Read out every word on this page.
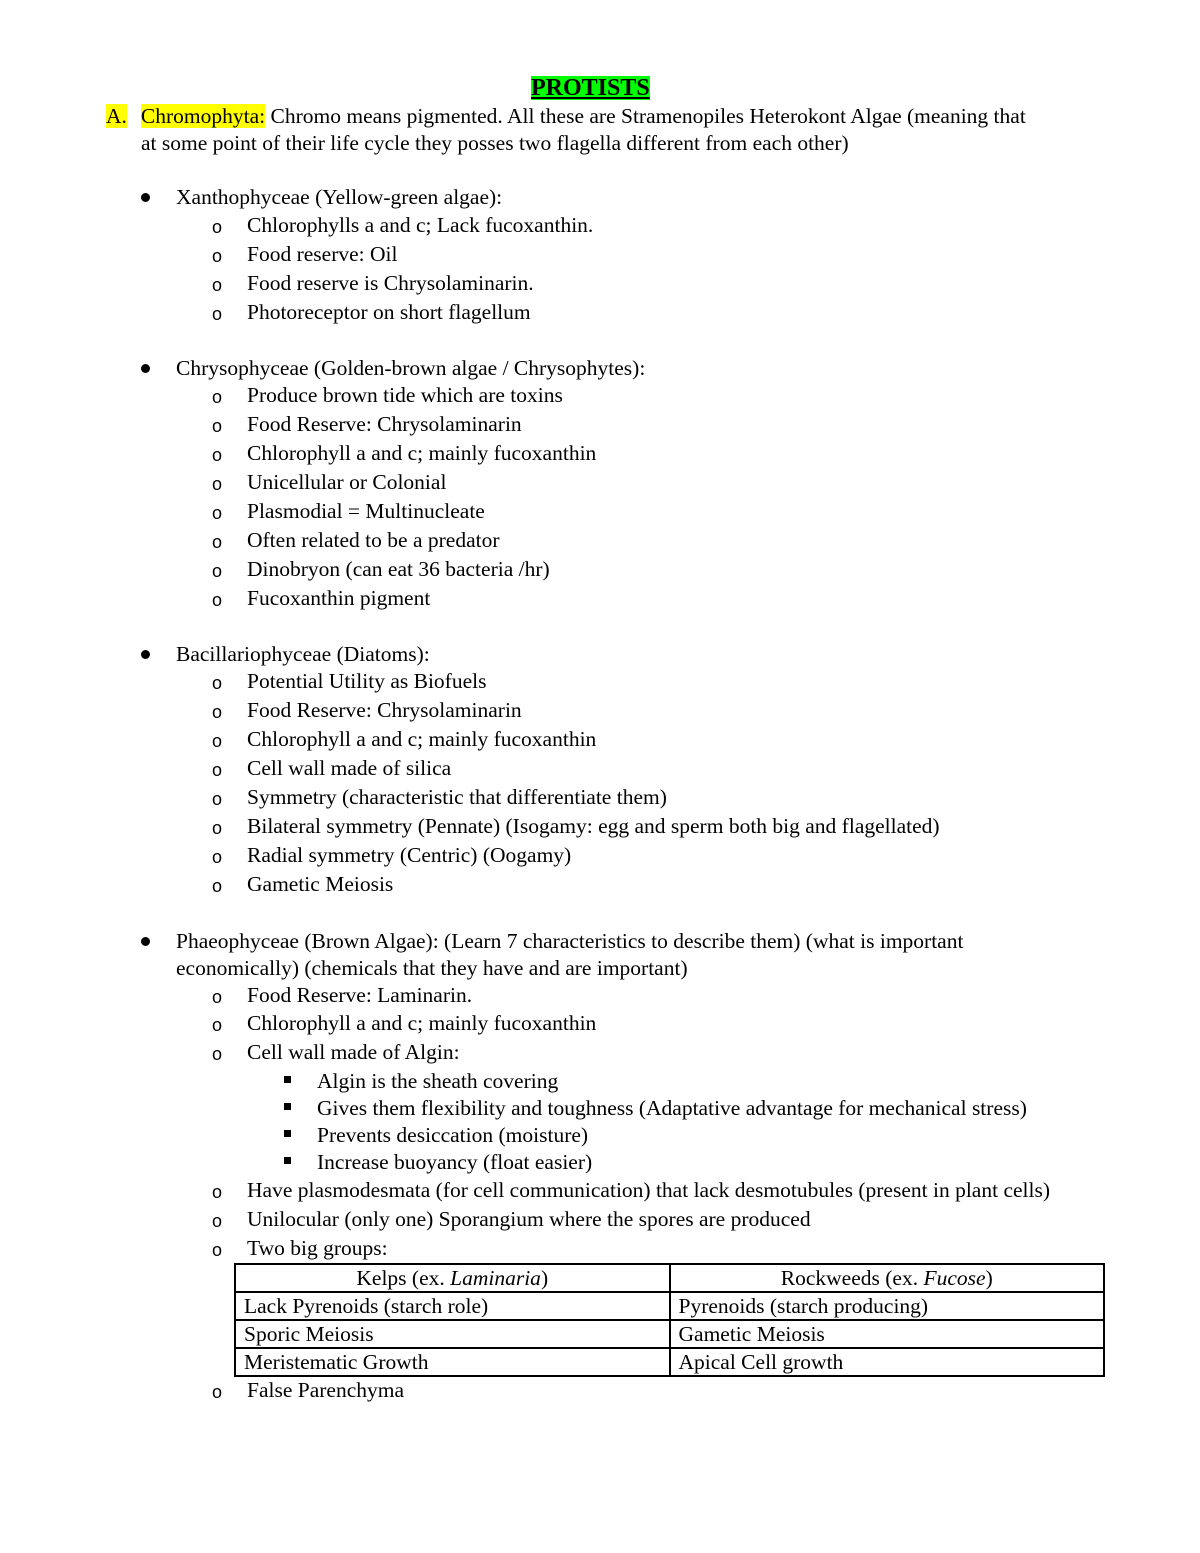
PROTISTS
A. Chromophyta: Chromo means pigmented. All these are Stramenopiles Heterokont Algae (meaning that
at some point of their life cycle they posses two flagella different from each other)
Xanthophyceae (Yellow-green algae):
o Chlorophylls a and c; Lack fucoxanthin.
o Food reserve: Oil
o Food reserve is Chrysolaminarin.
o Photoreceptor on short flagellum
Chrysophyceae (Golden-brown algae / Chrysophytes):
o Produce brown tide which are toxins
o Food Reserve: Chrysolaminarin
o Chlorophyll a and c; mainly fucoxanthin
o Unicellular or Colonial
o Plasmodial = Multinucleate
o Often related to be a predator
o Dinobryon (can eat 36 bacteria /hr)
o Fucoxanthin pigment
Bacillariophyceae (Diatoms):
o Potential Utility as Biofuels
o Food Reserve: Chrysolaminarin
o Chlorophyll a and c; mainly fucoxanthin
o Cell wall made of silica
o Symmetry (characteristic that differentiate them)
o Bilateral symmetry (Pennate) (Isogamy: egg and sperm both big and flagellated)
o Radial symmetry (Centric) (Oogamy)
o Gametic Meiosis
Phaeophyceae (Brown Algae): (Learn 7 characteristics to describe them) (what is important
economically) (chemicals that they have and are important)
o Food Reserve: Laminarin.
o Chlorophyll a and c; mainly fucoxanthin
o Cell wall made of Algin:
Algin is the sheath covering
Gives them flexibility and toughness (Adaptative advantage for mechanical stress)
Prevents desiccation (moisture)
Increase buoyancy (float easier)
o Have plasmodesmata (for cell communication) that lack desmotubules (present in plant cells)
o Unilocular (only one) Sporangium where the spores are produced
o Two big groups:
Kelps (ex. Laminaria)	Rockweeds (ex. Fucose)
Lack Pyrenoids (starch role)	Pyrenoids (starch producing)
Sporic Meiosis	Gametic Meiosis
Meristematic Growth	Apical Cell growth
o False Parenchyma
